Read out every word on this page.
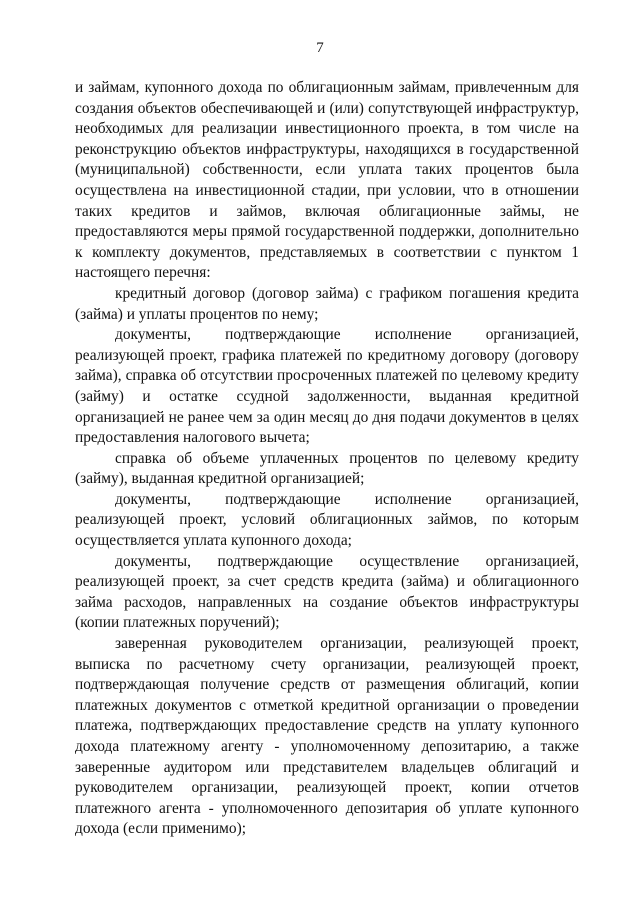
7

и займам, купонного дохода по облигационным займам, привлеченным для создания объектов обеспечивающей и (или) сопутствующей инфраструктур, необходимых для реализации инвестиционного проекта, в том числе на реконструкцию объектов инфраструктуры, находящихся в государственной (муниципальной) собственности, если уплата таких процентов была осуществлена на инвестиционной стадии, при условии, что в отношении таких кредитов и займов, включая облигационные займы, не предоставляются меры прямой государственной поддержки, дополнительно к комплекту документов, представляемых в соответствии с пунктом 1 настоящего перечня:

кредитный договор (договор займа) с графиком погашения кредита (займа) и уплаты процентов по нему;

документы, подтверждающие исполнение организацией, реализующей проект, графика платежей по кредитному договору (договору займа), справка об отсутствии просроченных платежей по целевому кредиту (займу) и остатке ссудной задолженности, выданная кредитной организацией не ранее чем за один месяц до дня подачи документов в целях предоставления налогового вычета;

справка об объеме уплаченных процентов по целевому кредиту (займу), выданная кредитной организацией;

документы, подтверждающие исполнение организацией, реализующей проект, условий облигационных займов, по которым осуществляется уплата купонного дохода;

документы, подтверждающие осуществление организацией, реализующей проект, за счет средств кредита (займа) и облигационного займа расходов, направленных на создание объектов инфраструктуры (копии платежных поручений);

заверенная руководителем организации, реализующей проект, выписка по расчетному счету организации, реализующей проект, подтверждающая получение средств от размещения облигаций, копии платежных документов с отметкой кредитной организации о проведении платежа, подтверждающих предоставление средств на уплату купонного дохода платежному агенту - уполномоченному депозитарию, а также заверенные аудитором или представителем владельцев облигаций и руководителем организации, реализующей проект, копии отчетов платежного агента - уполномоченного депозитария об уплате купонного дохода (если применимо);
